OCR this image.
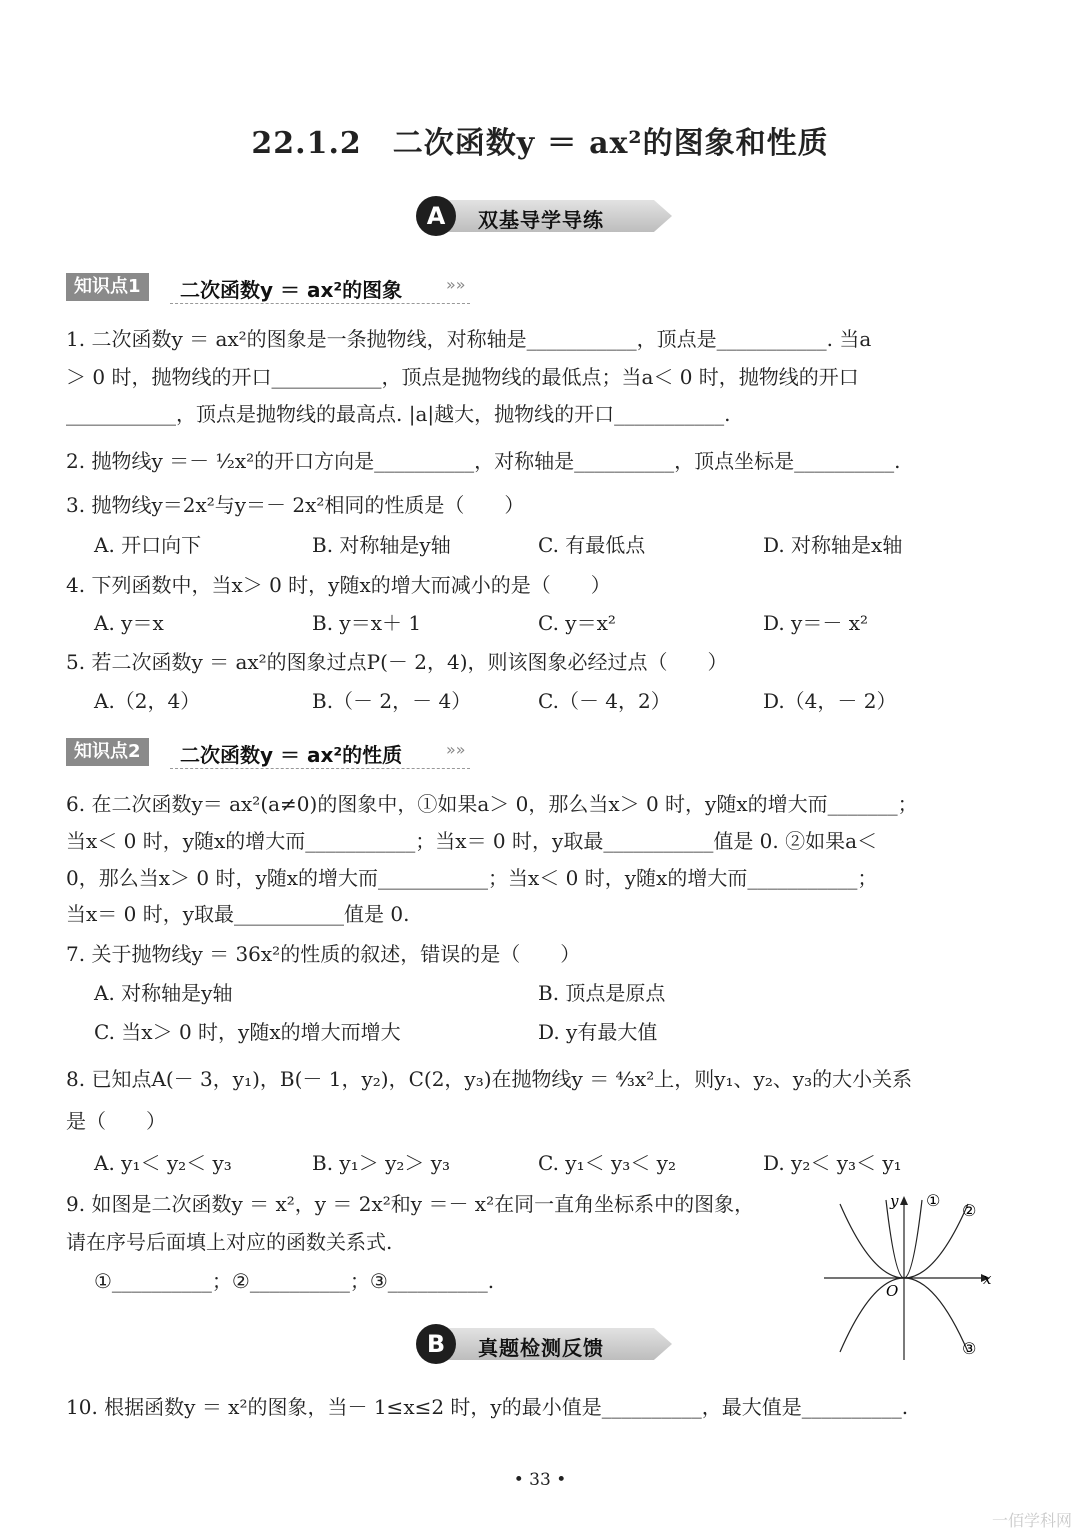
22.1.2　二次函数y ＝ ax²的图象和性质
A	双基导学导练
知识点1	二次函数y ＝ ax²的图象	»»
1. 二次函数y ＝ ax²的图象是一条抛物线，对称轴是___________，顶点是___________. 当a
＞ 0 时，抛物线的开口___________，顶点是抛物线的最低点；当a＜ 0 时，抛物线的开口
___________，顶点是抛物线的最高点. |a|越大，抛物线的开口___________.
2. 抛物线y ＝－ ½x²的开口方向是__________，对称轴是__________，顶点坐标是__________.
3. 抛物线y＝2x²与y＝－ 2x²相同的性质是（　　）
A. 开口向下	B. 对称轴是y轴	C. 有最低点	D. 对称轴是x轴
4. 下列函数中，当x＞ 0 时，y随x的增大而减小的是（　　）
A. y＝x	B. y＝x＋ 1	C. y＝x²	D. y＝－ x²
5. 若二次函数y ＝ ax²的图象过点P(－ 2，4)，则该图象必经过点（　　）
A.（2，4）	B.（－ 2，－ 4）	C.（－ 4，2）	D.（4，－ 2）
知识点2	二次函数y ＝ ax²的性质	»»
6. 在二次函数y＝ ax²(a≠0)的图象中，①如果a＞ 0，那么当x＞ 0 时，y随x的增大而_______；
当x＜ 0 时，y随x的增大而___________；当x＝ 0 时，y取最___________值是 0. ②如果a＜
0，那么当x＞ 0 时，y随x的增大而___________；当x＜ 0 时，y随x的增大而___________；
当x＝ 0 时，y取最___________值是 0.
7. 关于抛物线y ＝ 36x²的性质的叙述，错误的是（　　）
A. 对称轴是y轴	B. 顶点是原点
C. 当x＞ 0 时，y随x的增大而增大	D. y有最大值
8. 已知点A(－ 3，y₁)，B(－ 1，y₂)，C(2，y₃)在抛物线y ＝ ⁴⁄₃x²上，则y₁、y₂、y₃的大小关系
是（　　）
A. y₁＜ y₂＜ y₃	B. y₁＞ y₂＞ y₃	C. y₁＜ y₃＜ y₂	D. y₂＜ y₃＜ y₁
9. 如图是二次函数y ＝ x²，y ＝ 2x²和y ＝－ x²在同一直角坐标系中的图象，
请在序号后面填上对应的函数关系式.
①__________；②__________；③__________.
y
x
O
①
②
③
B	真题检测反馈
10. 根据函数y ＝ x²的图象，当－ 1≤x≤2 时，y的最小值是__________，最大值是__________.
• 33 •
一佰学科网
